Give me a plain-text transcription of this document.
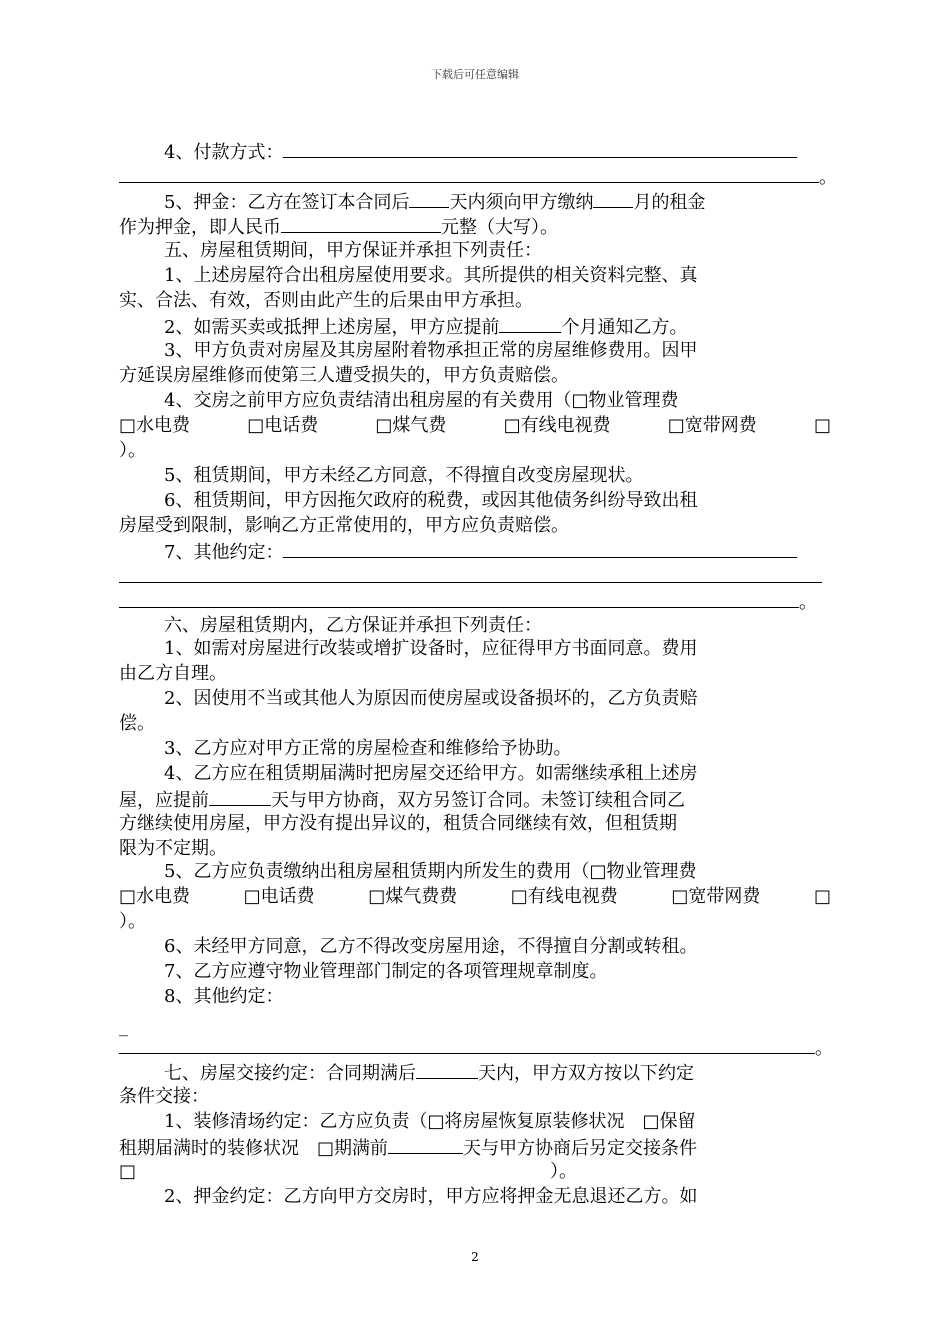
下载后可任意编辑
4、付款方式：
。
5、押金：乙方在签订本合同后 天内须向甲方缴纳 月的租金
作为押金，即人民币	元整（大写）。
五、房屋租赁期间，甲方保证并承担下列责任：
1、上述房屋符合出租房屋使用要求。其所提供的相关资料完整、真
实、合法、有效，否则由此产生的后果由甲方承担。
2、如需买卖或抵押上述房屋，甲方应提前	个月通知乙方。
3、甲方负责对房屋及其房屋附着物承担正常的房屋维修费用。因甲
方延误房屋维修而使第三人遭受损失的，甲方负责赔偿。
4、交房之前甲方应负责结清出租房屋的有关费用（□物业管理费
□水电费	□电话费	□煤气费	□有线电视费	□宽带网费	□
）。
5、租赁期间，甲方未经乙方同意，不得擅自改变房屋现状。
6、租赁期间，甲方因拖欠政府的税费，或因其他债务纠纷导致出租
房屋受到限制，影响乙方正常使用的，甲方应负责赔偿。
7、其他约定：
。
六、房屋租赁期内，乙方保证并承担下列责任：
1、如需对房屋进行改装或增扩设备时，应征得甲方书面同意。费用
由乙方自理。
2、因使用不当或其他人为原因而使房屋或设备损坏的，乙方负责赔
偿。
3、乙方应对甲方正常的房屋检查和维修给予协助。
4、乙方应在租赁期届满时把房屋交还给甲方。如需继续承租上述房
屋，应提前	天与甲方协商，双方另签订合同。未签订续租合同乙
方继续使用房屋，甲方没有提出异议的，租赁合同继续有效，但租赁期
限为不定期。
5、乙方应负责缴纳出租房屋租赁期内所发生的费用（□物业管理费
□水电费	□电话费	□煤气费费	□有线电视费	□宽带网费	□
）。
6、未经甲方同意，乙方不得改变房屋用途，不得擅自分割或转租。
7、乙方应遵守物业管理部门制定的各项管理规章制度。
8、其他约定：
_
。
七、房屋交接约定：合同期满后	天内，甲方双方按以下约定
条件交接：
1、装修清场约定：乙方应负责（□将房屋恢复原装修状况　□保留
租期届满时的装修状况　□期满前	天与甲方协商后另定交接条件
□	）。
2、押金约定：乙方向甲方交房时，甲方应将押金无息退还乙方。如
2
